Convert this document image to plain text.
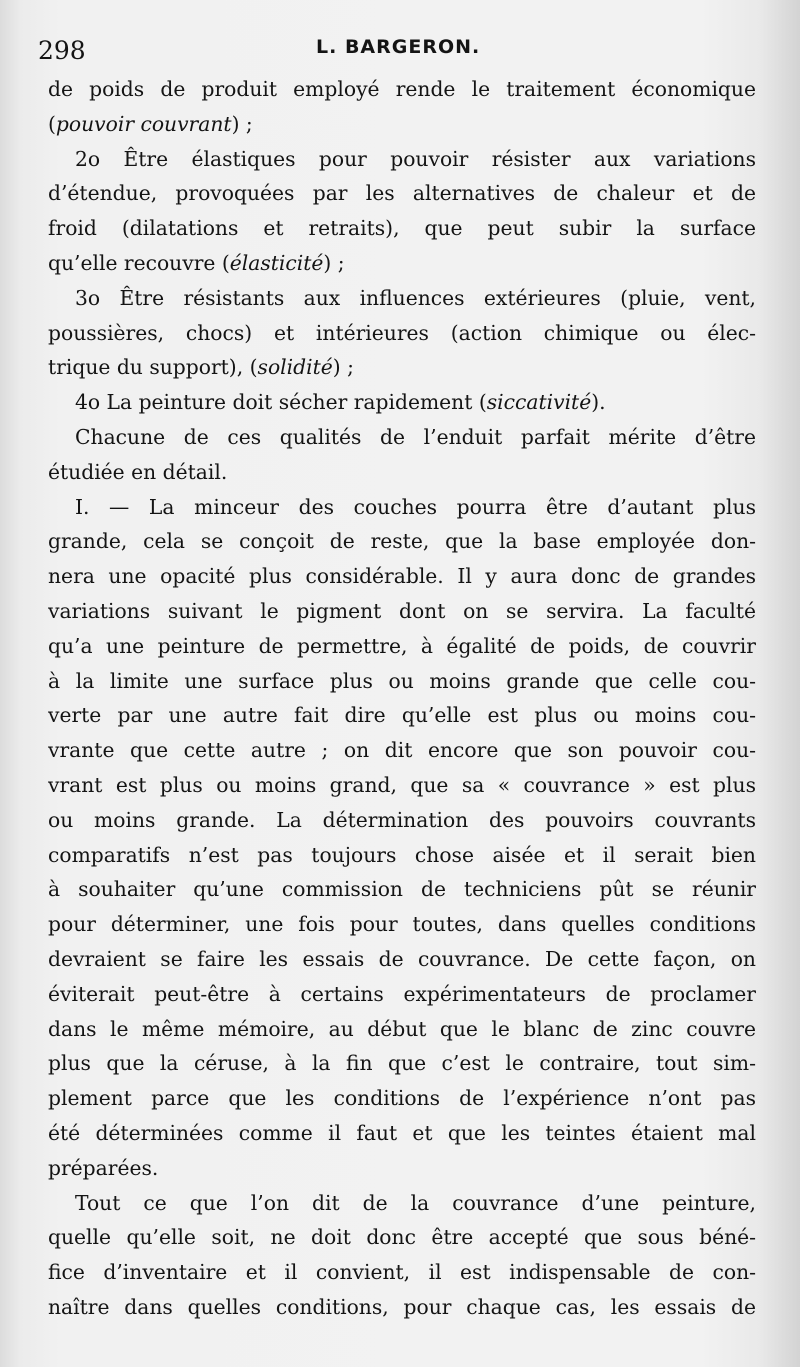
298	L. BARGERON.
de poids de produit employé rende le traitement économique
(pouvoir couvrant) ;
2o Être élastiques pour pouvoir résister aux variations
d’étendue, provoquées par les alternatives de chaleur et de
froid (dilatations et retraits), que peut subir la surface
qu’elle recouvre (élasticité) ;
3o Être résistants aux influences extérieures (pluie, vent,
poussières, chocs) et intérieures (action chimique ou élec-
trique du support), (solidité) ;
4o La peinture doit sécher rapidement (siccativité).
Chacune de ces qualités de l’enduit parfait mérite d’être
étudiée en détail.
I. — La minceur des couches pourra être d’autant plus
grande, cela se conçoit de reste, que la base employée don-
nera une opacité plus considérable. Il y aura donc de grandes
variations suivant le pigment dont on se servira. La faculté
qu’a une peinture de permettre, à égalité de poids, de couvrir
à la limite une surface plus ou moins grande que celle cou-
verte par une autre fait dire qu’elle est plus ou moins cou-
vrante que cette autre ; on dit encore que son pouvoir cou-
vrant est plus ou moins grand, que sa « couvrance » est plus
ou moins grande. La détermination des pouvoirs couvrants
comparatifs n’est pas toujours chose aisée et il serait bien
à souhaiter qu’une commission de techniciens pût se réunir
pour déterminer, une fois pour toutes, dans quelles conditions
devraient se faire les essais de couvrance. De cette façon, on
éviterait peut-être à certains expérimentateurs de proclamer
dans le même mémoire, au début que le blanc de zinc couvre
plus que la céruse, à la fin que c’est le contraire, tout sim-
plement parce que les conditions de l’expérience n’ont pas
été déterminées comme il faut et que les teintes étaient mal
préparées.
Tout ce que l’on dit de la couvrance d’une peinture,
quelle qu’elle soit, ne doit donc être accepté que sous béné-
fice d’inventaire et il convient, il est indispensable de con-
naître dans quelles conditions, pour chaque cas, les essais de
